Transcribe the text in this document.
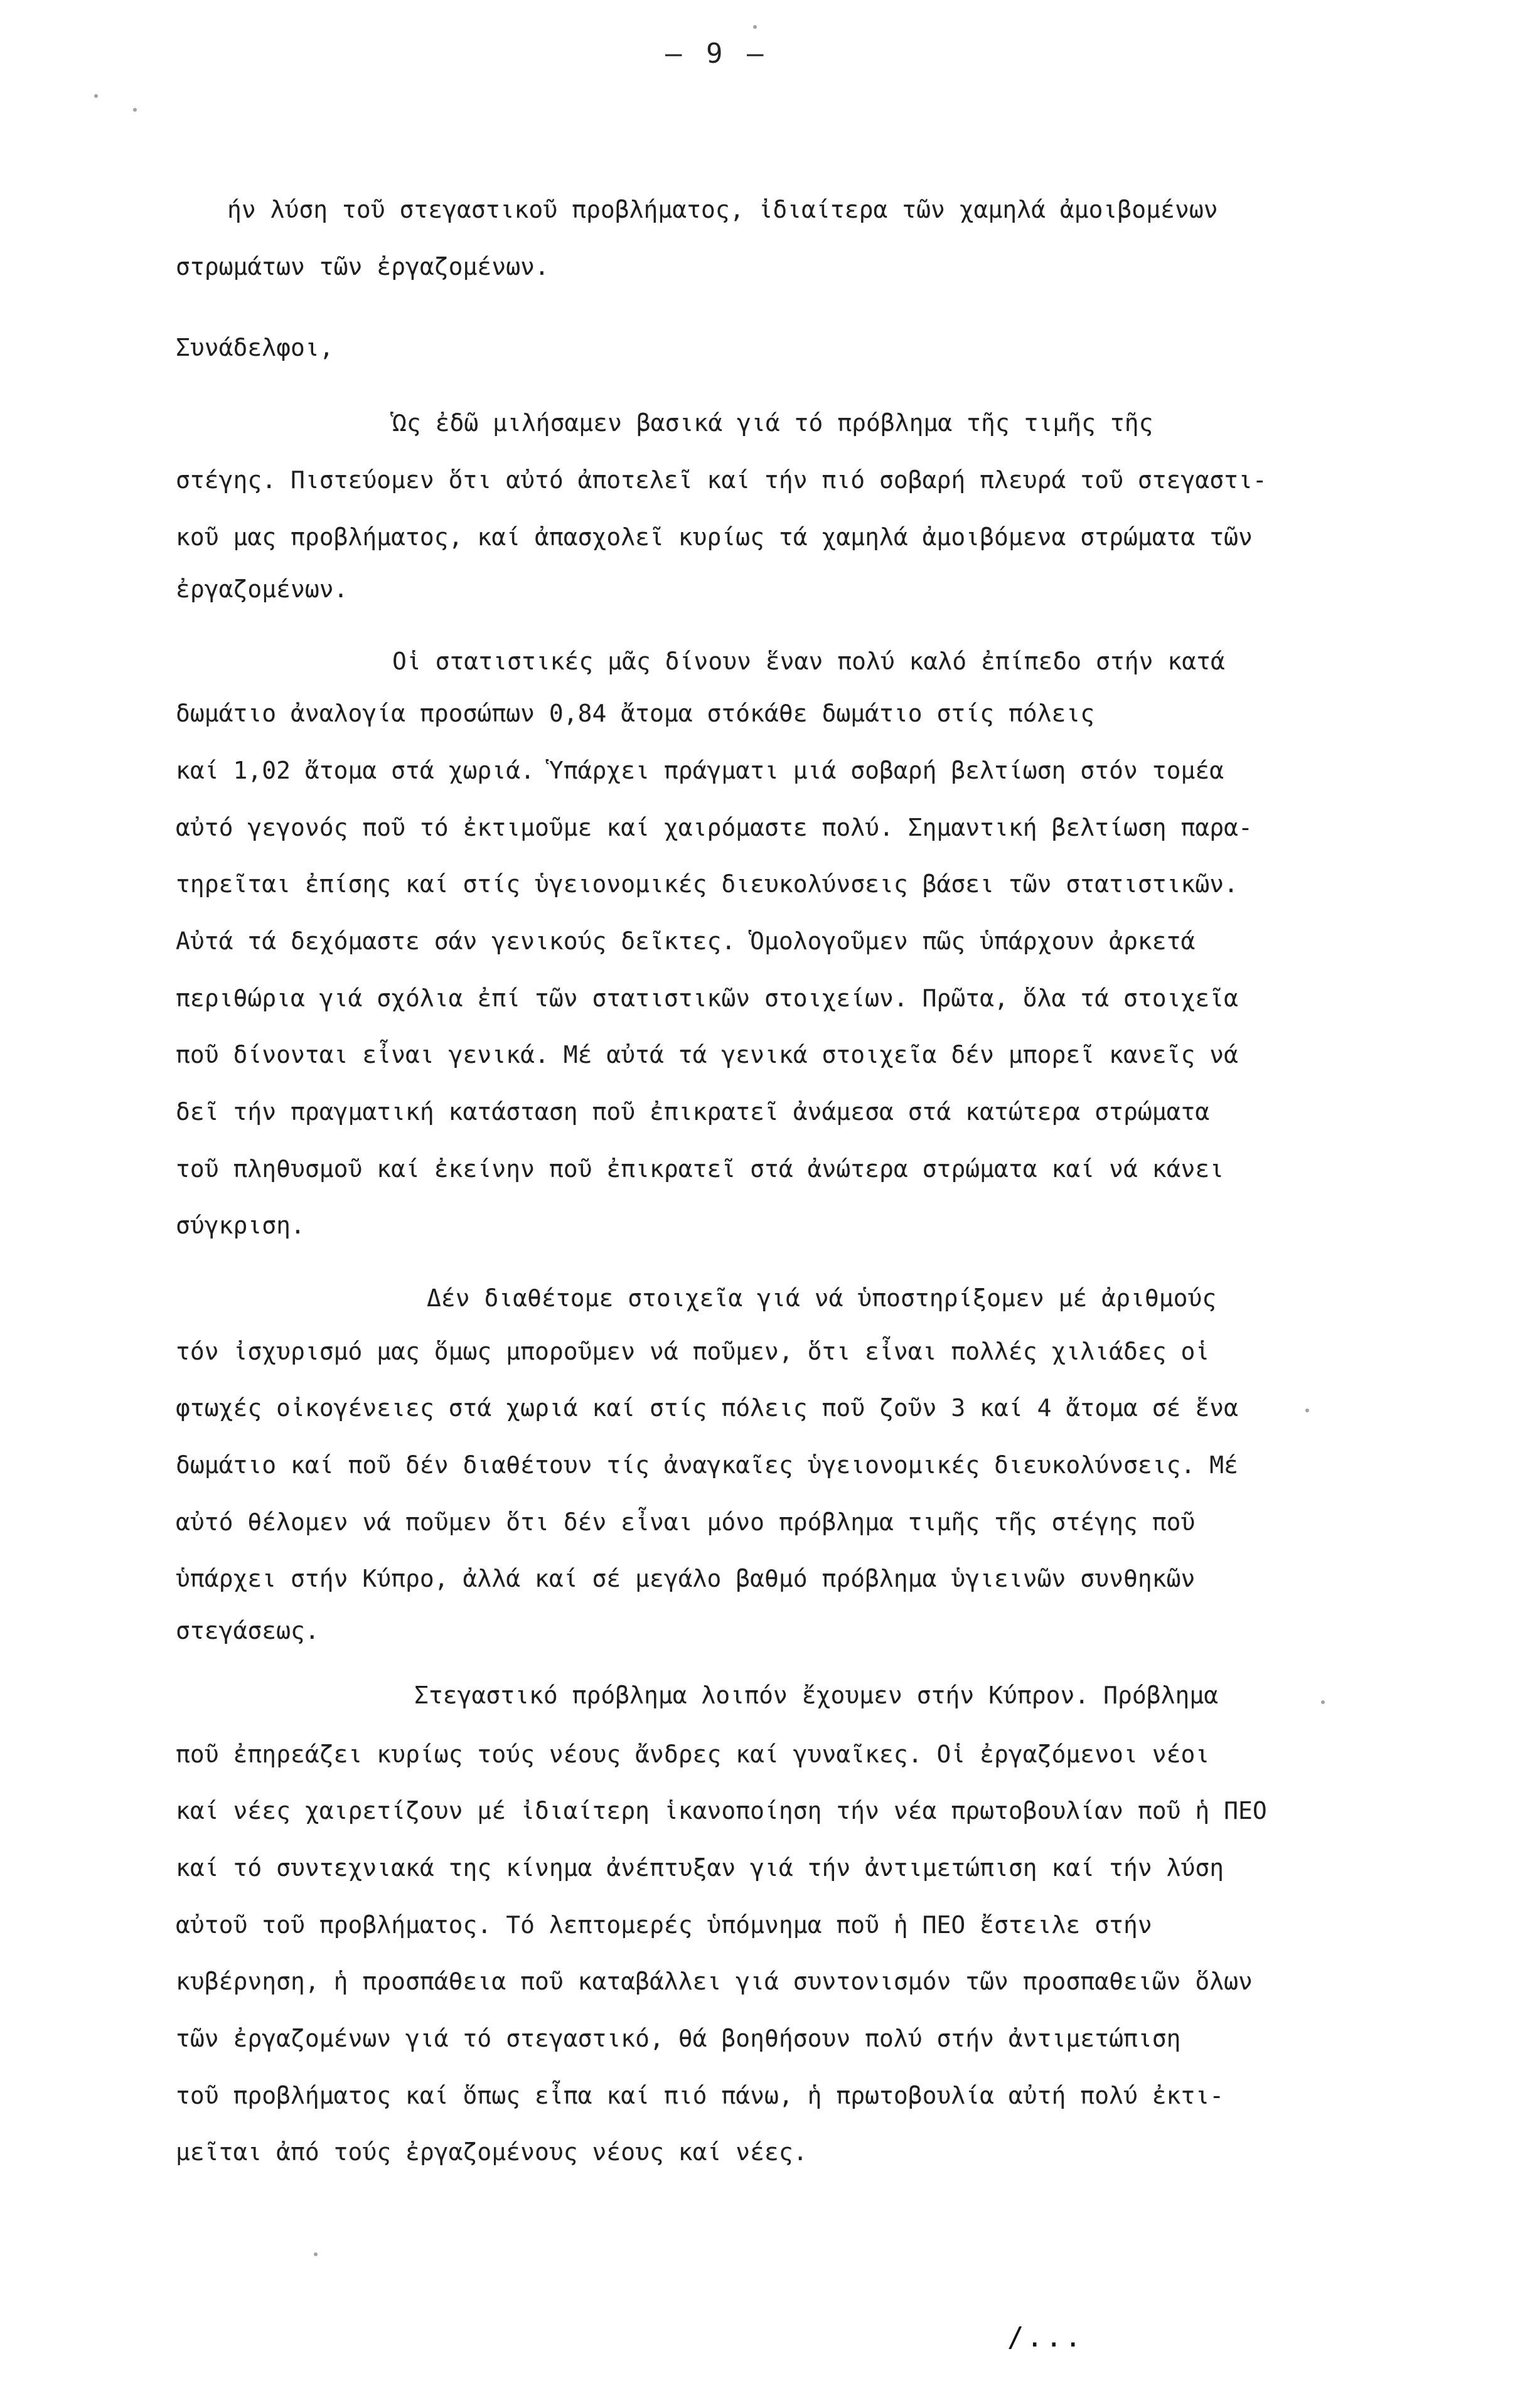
– 9 –
ήν λύση τοῦ στεγαστικοῦ προβλήματος, ἰδιαίτερα τῶν χαμηλά ἀμοιβομένων
στρωμάτων τῶν ἐργαζομένων.
Συνάδελφοι,
Ὡς ἐδῶ μιλήσαμεν βασικά γιά τό πρόβλημα τῆς τιμῆς τῆς
στέγης. Πιστεύομεν ὅτι αὐτό ἀποτελεῖ καί τήν πιό σοβαρή πλευρά τοῦ στεγαστι-
κοῦ μας προβλήματος, καί ἀπασχολεῖ κυρίως τά χαμηλά ἀμοιβόμενα στρώματα τῶν
ἐργαζομένων.
Οἱ στατιστικές μᾶς δίνουν ἕναν πολύ καλό ἐπίπεδο στήν κατά
δωμάτιο ἀναλογία προσώπων 0,84 ἄτομα στόκάθε δωμάτιο στίς πόλεις
καί 1,02 ἄτομα στά χωριά. Ὑπάρχει πράγματι μιά σοβαρή βελτίωση στόν τομέα
αὐτό γεγονός ποῦ τό ἐκτιμοῦμε καί χαιρόμαστε πολύ. Σημαντική βελτίωση παρα-
τηρεῖται ἐπίσης καί στίς ὑγειονομικές διευκολύνσεις βάσει τῶν στατιστικῶν.
Αὐτά τά δεχόμαστε σάν γενικούς δεῖκτες. Ὁμολογοῦμεν πῶς ὑπάρχουν ἀρκετά
περιθώρια γιά σχόλια ἐπί τῶν στατιστικῶν στοιχείων. Πρῶτα, ὅλα τά στοιχεῖα
ποῦ δίνονται εἶναι γενικά. Μέ αὐτά τά γενικά στοιχεῖα δέν μπορεῖ κανεῖς νά
δεῖ τήν πραγματική κατάσταση ποῦ ἐπικρατεῖ ἀνάμεσα στά κατώτερα στρώματα
τοῦ πληθυσμοῦ καί ἐκείνην ποῦ ἐπικρατεῖ στά ἀνώτερα στρώματα καί νά κάνει
σύγκριση.
Δέν διαθέτομε στοιχεῖα γιά νά ὑποστηρίξομεν μέ ἀριθμούς
τόν ἰσχυρισμό μας ὅμως μποροῦμεν νά ποῦμεν, ὅτι εἶναι πολλές χιλιάδες οἱ
φτωχές οἰκογένειες στά χωριά καί στίς πόλεις ποῦ ζοῦν 3 καί 4 ἄτομα σέ ἕνα
δωμάτιο καί ποῦ δέν διαθέτουν τίς ἀναγκαῖες ὑγειονομικές διευκολύνσεις. Μέ
αὐτό θέλομεν νά ποῦμεν ὅτι δέν εἶναι μόνο πρόβλημα τιμῆς τῆς στέγης ποῦ
ὑπάρχει στήν Κύπρο, ἀλλά καί σέ μεγάλο βαθμό πρόβλημα ὑγιεινῶν συνθηκῶν
στεγάσεως.
Στεγαστικό πρόβλημα λοιπόν ἔχουμεν στήν Κύπρον. Πρόβλημα
ποῦ ἐπηρεάζει κυρίως τούς νέους ἄνδρες καί γυναῖκες. Οἱ ἐργαζόμενοι νέοι
καί νέες χαιρετίζουν μέ ἰδιαίτερη ἱκανοποίηση τήν νέα πρωτοβουλίαν ποῦ ἡ ΠΕΟ
καί τό συντεχνιακά της κίνημα ἀνέπτυξαν γιά τήν ἀντιμετώπιση καί τήν λύση
αὐτοῦ τοῦ προβλήματος. Τό λεπτομερές ὑπόμνημα ποῦ ἡ ΠΕΟ ἔστειλε στήν
κυβέρνηση, ἡ προσπάθεια ποῦ καταβάλλει γιά συντονισμόν τῶν προσπαθειῶν ὅλων
τῶν ἐργαζομένων γιά τό στεγαστικό, θά βοηθήσουν πολύ στήν ἀντιμετώπιση
τοῦ προβλήματος καί ὅπως εἶπα καί πιό πάνω, ἡ πρωτοβουλία αὐτή πολύ ἐκτι-
μεῖται ἀπό τούς ἐργαζομένους νέους καί νέες.
/...
